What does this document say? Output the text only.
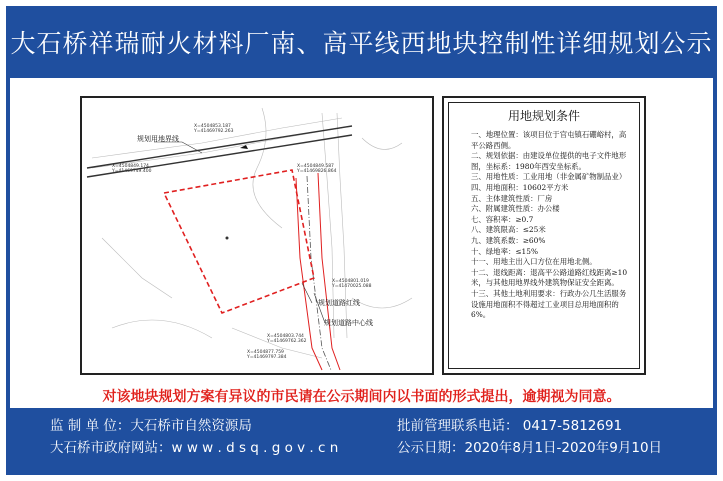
大石桥祥瑞耐火材料厂南、高平线西地块控制性详细规划公示
规划用地界线
规划道路红线
规划道路中心线
X=4504853.187
Y=41469792.263
X=4504849.587
Y=41469826.864
X=4504849.174
Y=41469749.400
X=4504801.019
Y=41470025.088
X=4504803.744
Y=41469762.362
X=4504877.759
Y=41469797.384
用地规划条件
一、地理位置：该项目位于官屯镇石硼峪村，高平公路西侧。
二、规划依据：由建设单位提供的电子文件地形图，坐标系：1980年西安坐标系。
三、用地性质：工业用地（非金属矿物制品业）
四、用地面积：10602平方米
五、主体建筑性质：厂房
六、附属建筑性质：办公楼
七、容积率：≥0.7
八、建筑限高：≤25米
九、建筑系数：≥60%
十、绿地率：≤15%
十一、用地主出入口方位在用地北侧。
十二、退线距离：退高平公路道路红线距离≥10米，与其他用地界线外建筑物保证安全距离。
十三、其他土地利用要求：行政办公几生活服务设施用地面积不得超过工业项目总用地面积的6%。
对该地块规划方案有异议的市民请在公示期间内以书面的形式提出，逾期视为同意。
监 制 单 位：大石桥市自然资源局
大石桥市政府网站：w w w . d s q . g o v . c n
批前管理联系电话： 0417-5812691
公示日期：2020年8月1日-2020年9月10日
